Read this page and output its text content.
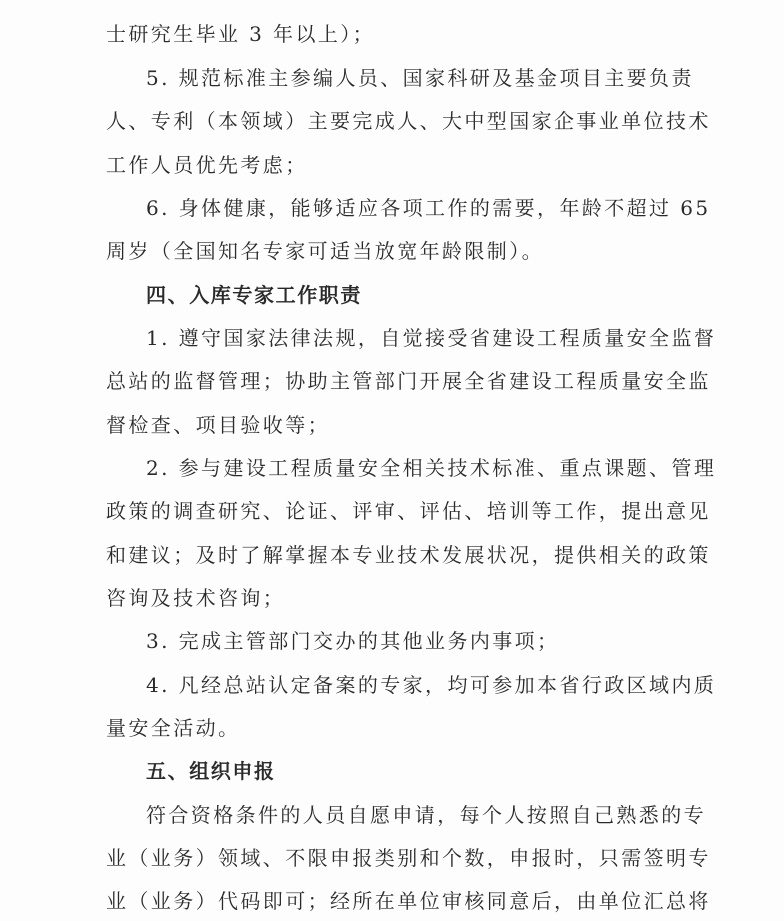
士研究生毕业 3 年以上）；
5. 规范标准主参编人员、国家科研及基金项目主要负责
人、专利（本领域）主要完成人、大中型国家企事业单位技术
工作人员优先考虑；
6. 身体健康，能够适应各项工作的需要，年龄不超过 65
周岁（全国知名专家可适当放宽年龄限制）。
四、入库专家工作职责
1. 遵守国家法律法规，自觉接受省建设工程质量安全监督
总站的监督管理；协助主管部门开展全省建设工程质量安全监
督检查、项目验收等；
2. 参与建设工程质量安全相关技术标准、重点课题、管理
政策的调查研究、论证、评审、评估、培训等工作，提出意见
和建议；及时了解掌握本专业技术发展状况，提供相关的政策
咨询及技术咨询；
3. 完成主管部门交办的其他业务内事项；
4. 凡经总站认定备案的专家，均可参加本省行政区域内质
量安全活动。
五、组织申报
符合资格条件的人员自愿申请，每个人按照自己熟悉的专
业（业务）领域、不限申报类别和个数，申报时，只需签明专
业（业务）代码即可；经所在单位审核同意后，由单位汇总将
